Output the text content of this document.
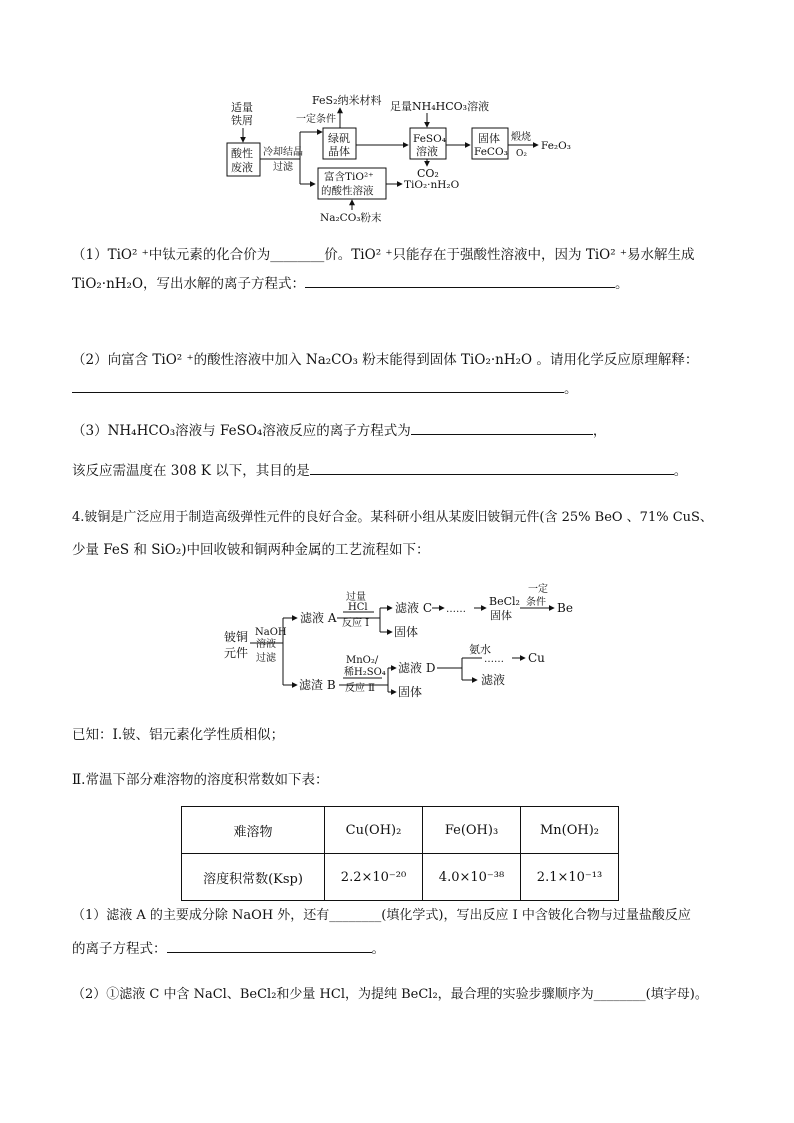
适量
铁屑
酸性
废液
冷却结晶
过滤
FeS₂纳米材料
一定条件
绿矾
晶体
足量NH₄HCO₃溶液
FeSO₄
溶液
固体
FeCO₃
煅烧
O₂
Fe₂O₃
CO₂
富含TiO²⁺
的酸性溶液	TiO₂·nH₂O
Na₂CO₃粉末
（1）TiO² ⁺中钛元素的化合价为________价。TiO² ⁺只能存在于强酸性溶液中，因为 TiO² ⁺易水解生成
TiO₂·nH₂O，写出水解的离子方程式：	。
（2）向富含 TiO² ⁺的酸性溶液中加入 Na₂CO₃ 粉末能得到固体 TiO₂·nH₂O 。请用化学反应原理解释：
。
（3）NH₄HCO₃溶液与 FeSO₄溶液反应的离子方程式为	，
该反应需温度在 308 K 以下，其目的是	。
4.铍铜是广泛应用于制造高级弹性元件的良好合金。某科研小组从某废旧铍铜元件(含 25% BeO 、71% CuS、
少量 FeS 和 SiO₂)中回收铍和铜两种金属的工艺流程如下：
铍铜
元件
NaOH
溶液
过滤
滤液 A
过量
HCl
反应 Ⅰ
滤液 C ……
BeCl₂
固体
一定
条件 Be
固体
滤渣 B
MnO₂/
稀H₂SO₄
反应 Ⅱ
滤液 D
氨水
…… Cu
固体
滤液
已知：Ⅰ.铍、铝元素化学性质相似；
Ⅱ.常温下部分难溶物的溶度积常数如下表：
难溶物	Cu(OH)₂	Fe(OH)₃	Mn(OH)₂
溶度积常数(Ksp)	2.2×10⁻²⁰	4.0×10⁻³⁸	2.1×10⁻¹³
（1）滤液 A 的主要成分除 NaOH 外，还有________(填化学式)，写出反应 Ⅰ 中含铍化合物与过量盐酸反应
的离子方程式：	。
（2）①滤液 C 中含 NaCl、BeCl₂和少量 HCl，为提纯 BeCl₂，最合理的实验步骤顺序为________(填字母)。
